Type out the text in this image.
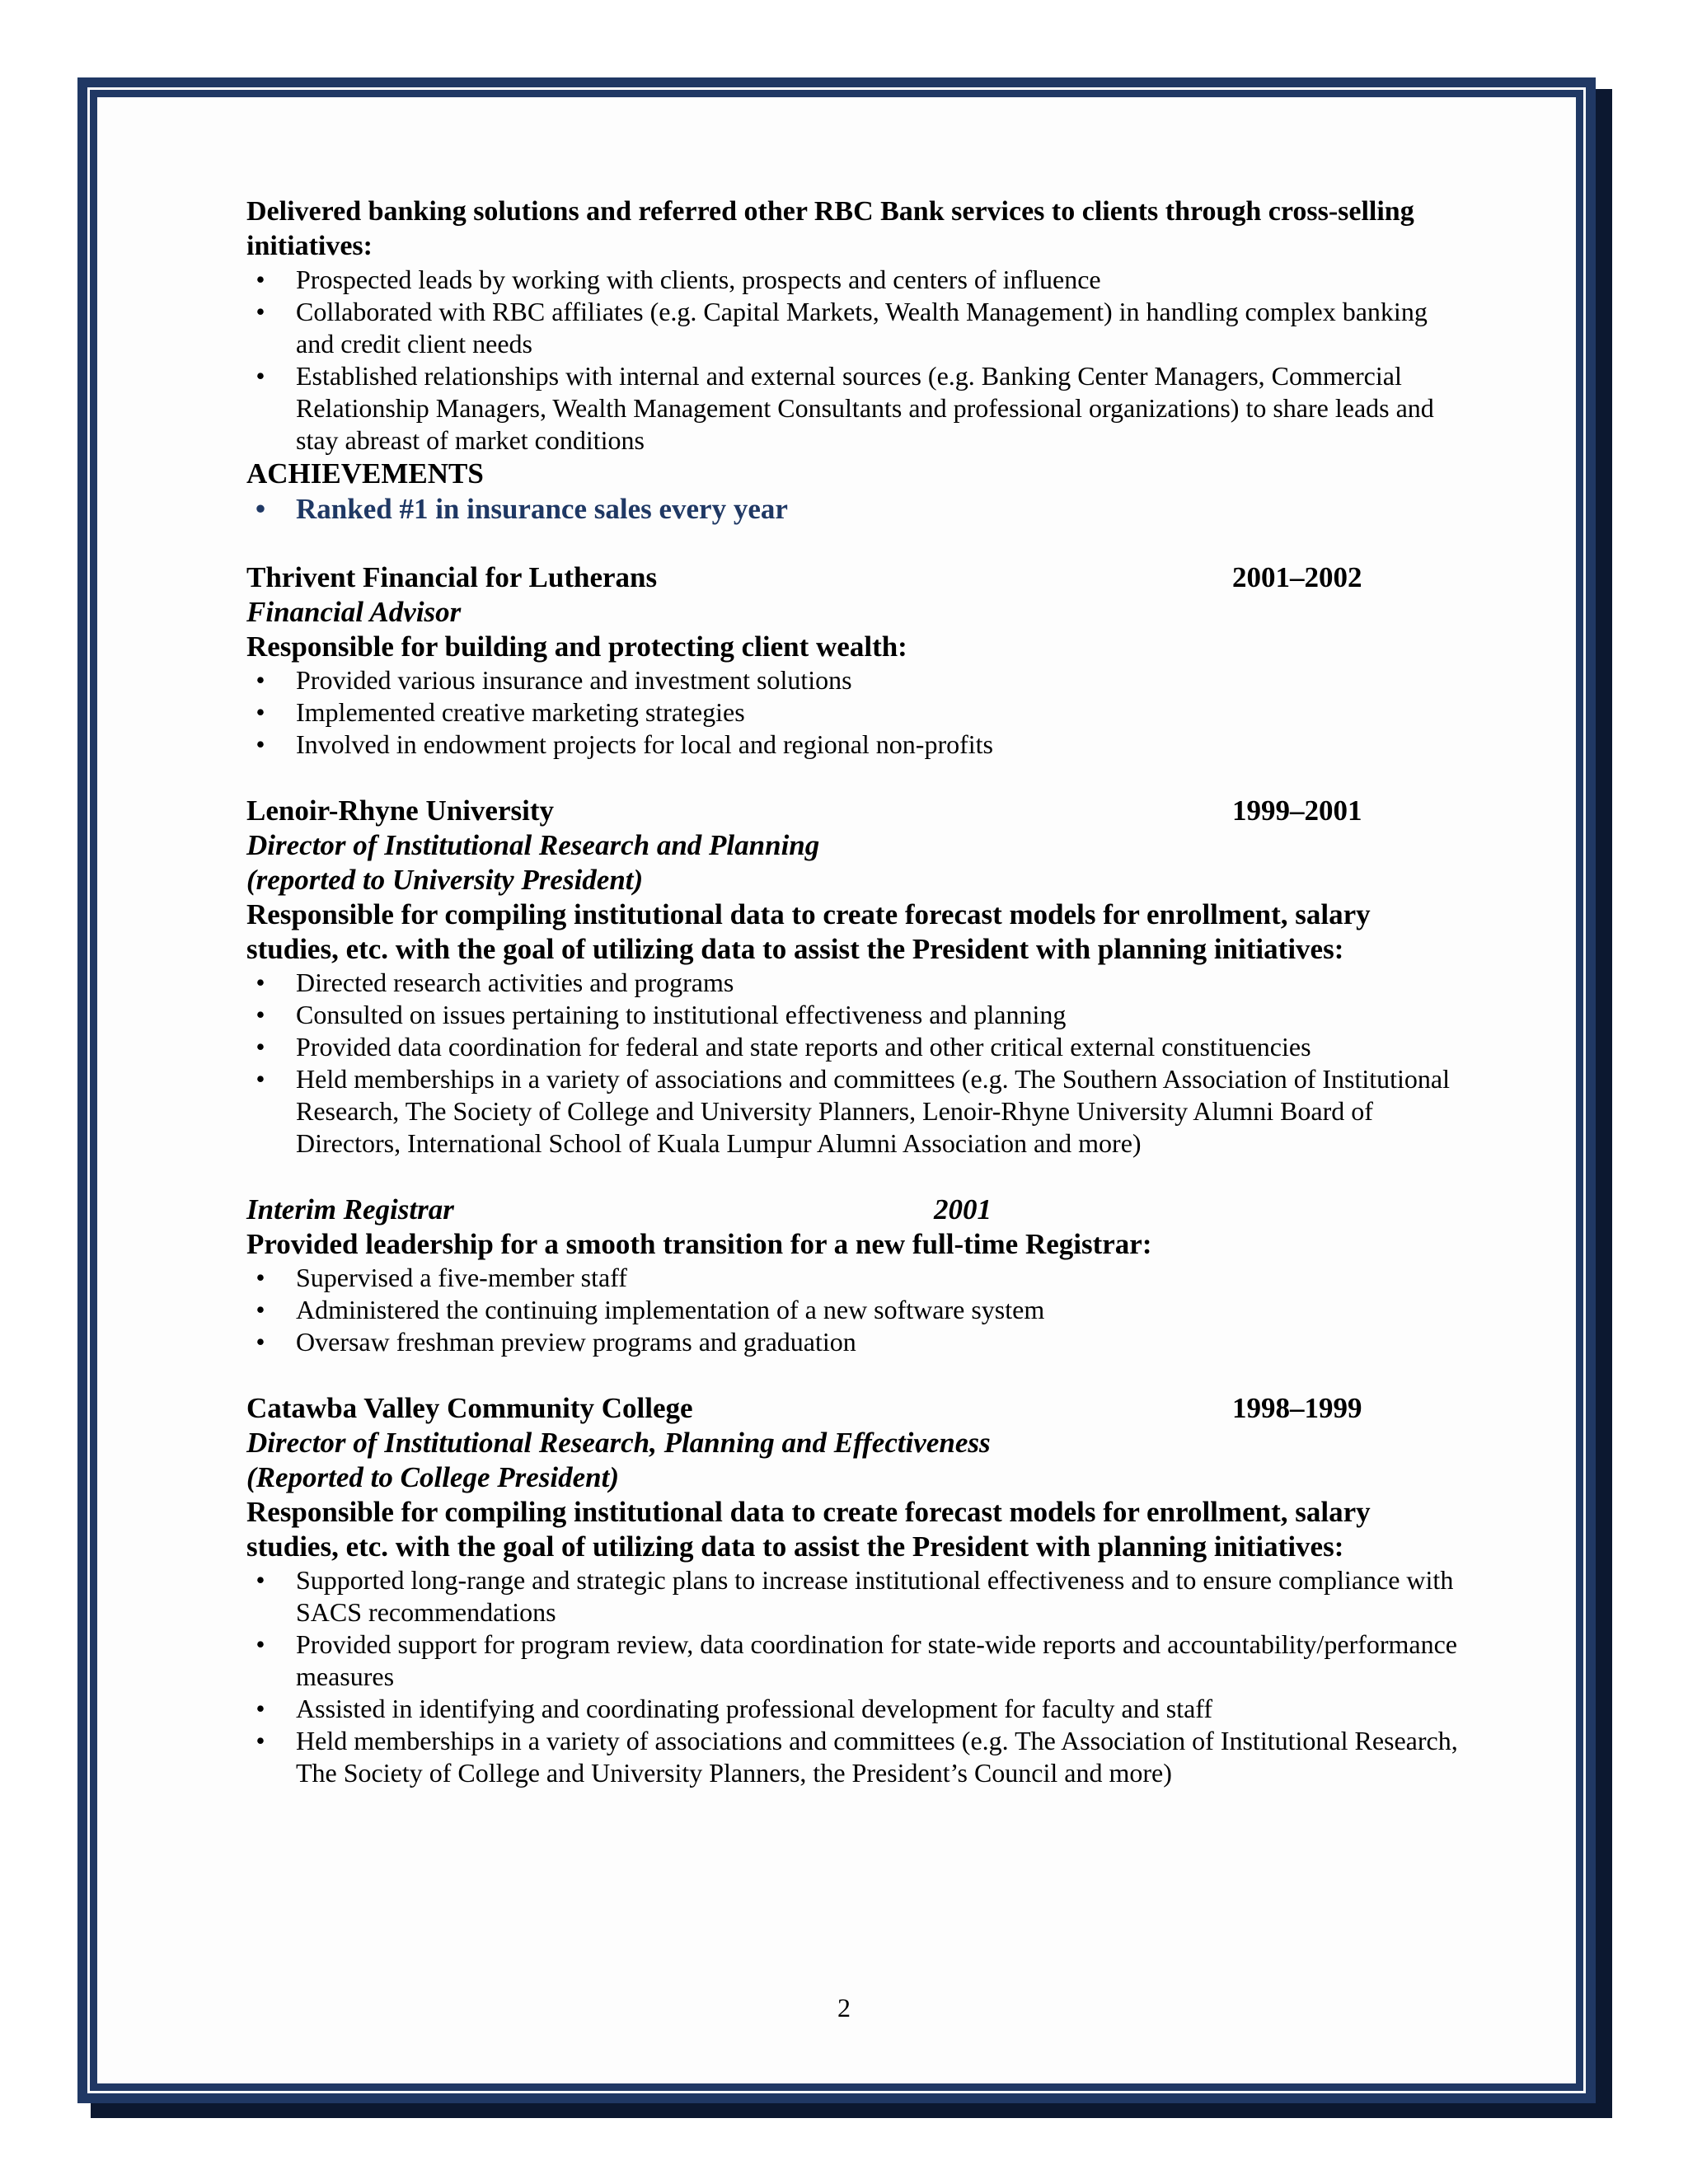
Delivered banking solutions and referred other RBC Bank services to clients through cross-selling initiatives:
• Prospected leads by working with clients, prospects and centers of influence
• Collaborated with RBC affiliates (e.g. Capital Markets, Wealth Management) in handling complex banking and credit client needs
• Established relationships with internal and external sources (e.g. Banking Center Managers, Commercial Relationship Managers, Wealth Management Consultants and professional organizations) to share leads and stay abreast of market conditions
ACHIEVEMENTS
• Ranked #1 in insurance sales every year
Thrivent Financial for Lutherans	2001–2002
Financial Advisor
Responsible for building and protecting client wealth:
• Provided various insurance and investment solutions
• Implemented creative marketing strategies
• Involved in endowment projects for local and regional non-profits
Lenoir-Rhyne University	1999–2001
Director of Institutional Research and Planning
(reported to University President)
Responsible for compiling institutional data to create forecast models for enrollment, salary studies, etc. with the goal of utilizing data to assist the President with planning initiatives:
• Directed research activities and programs
• Consulted on issues pertaining to institutional effectiveness and planning
• Provided data coordination for federal and state reports and other critical external constituencies
• Held memberships in a variety of associations and committees (e.g. The Southern Association of Institutional Research, The Society of College and University Planners, Lenoir-Rhyne University Alumni Board of Directors, International School of Kuala Lumpur Alumni Association and more)
Interim Registrar	2001
Provided leadership for a smooth transition for a new full-time Registrar:
• Supervised a five-member staff
• Administered the continuing implementation of a new software system
• Oversaw freshman preview programs and graduation
Catawba Valley Community College	1998–1999
Director of Institutional Research, Planning and Effectiveness
(Reported to College President)
Responsible for compiling institutional data to create forecast models for enrollment, salary studies, etc. with the goal of utilizing data to assist the President with planning initiatives:
• Supported long-range and strategic plans to increase institutional effectiveness and to ensure compliance with SACS recommendations
• Provided support for program review, data coordination for state-wide reports and accountability/performance measures
• Assisted in identifying and coordinating professional development for faculty and staff
• Held memberships in a variety of associations and committees (e.g. The Association of Institutional Research, The Society of College and University Planners, the President’s Council and more)
2
